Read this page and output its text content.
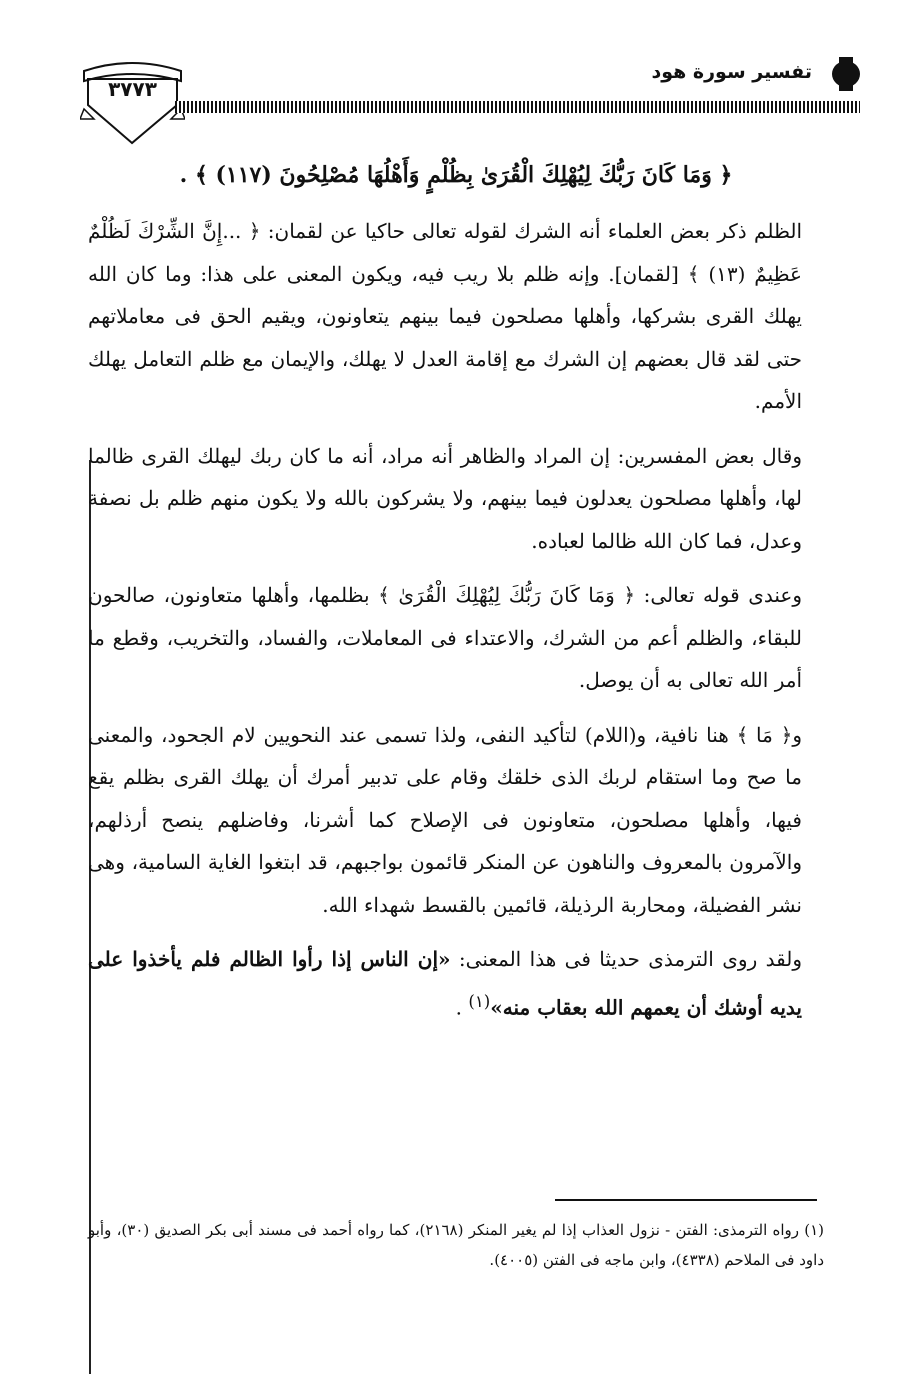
٣٧٧٣
تفسير سورة هود
﴿ وَمَا كَانَ رَبُّكَ لِيُهْلِكَ الْقُرَىٰ بِظُلْمٍ وَأَهْلُهَا مُصْلِحُونَ (١١٧) ﴾ .

الظلم ذكر بعض العلماء أنه الشرك لقوله تعالى حاكيا عن لقمان: ﴿ ...إِنَّ الشِّرْكَ لَظُلْمٌ عَظِيمٌ (١٣) ﴾ [لقمان]. وإنه ظلم بلا ريب فيه، ويكون المعنى على هذا: وما كان الله يهلك القرى بشركها، وأهلها مصلحون فيما بينهم يتعاونون، ويقيم الحق فى معاملاتهم حتى لقد قال بعضهم إن الشرك مع إقامة العدل لا يهلك، والإيمان مع ظلم التعامل يهلك الأمم.

وقال بعض المفسرين: إن المراد والظاهر أنه مراد، أنه ما كان ربك ليهلك القرى ظالما لها، وأهلها مصلحون يعدلون فيما بينهم، ولا يشركون بالله ولا يكون منهم ظلم بل نصفة وعدل، فما كان الله ظالما لعباده.

وعندى قوله تعالى: ﴿ وَمَا كَانَ رَبُّكَ لِيُهْلِكَ الْقُرَىٰ ﴾ بظلمها، وأهلها متعاونون، صالحون للبقاء، والظلم أعم من الشرك، والاعتداء فى المعاملات، والفساد، والتخريب، وقطع ما أمر الله تعالى به أن يوصل.

و﴿ مَا ﴾ هنا نافية، و(اللام) لتأكيد النفى، ولذا تسمى عند النحويين لام الجحود، والمعنى ما صح وما استقام لربك الذى خلقك وقام على تدبير أمرك أن يهلك القرى بظلم يقع فيها، وأهلها مصلحون، متعاونون فى الإصلاح كما أشرنا، وفاضلهم ينصح أرذلهم، والآمرون بالمعروف والناهون عن المنكر قائمون بواجبهم، قد ابتغوا الغاية السامية، وهى نشر الفضيلة، ومحاربة الرذيلة، قائمين بالقسط شهداء الله.

ولقد روى الترمذى حديثا فى هذا المعنى: «إن الناس إذا رأوا الظالم فلم يأخذوا على يديه أوشك أن يعمهم الله بعقاب منه»$^{(١)}$ .

(١) رواه الترمذى: الفتن - نزول العذاب إذا لم يغير المنكر (٢١٦٨)، كما رواه أحمد فى مسند أبى بكر الصديق (٣٠)، وأبو داود فى الملاحم (٤٣٣٨)، وابن ماجه فى الفتن (٤٠٠٥).
